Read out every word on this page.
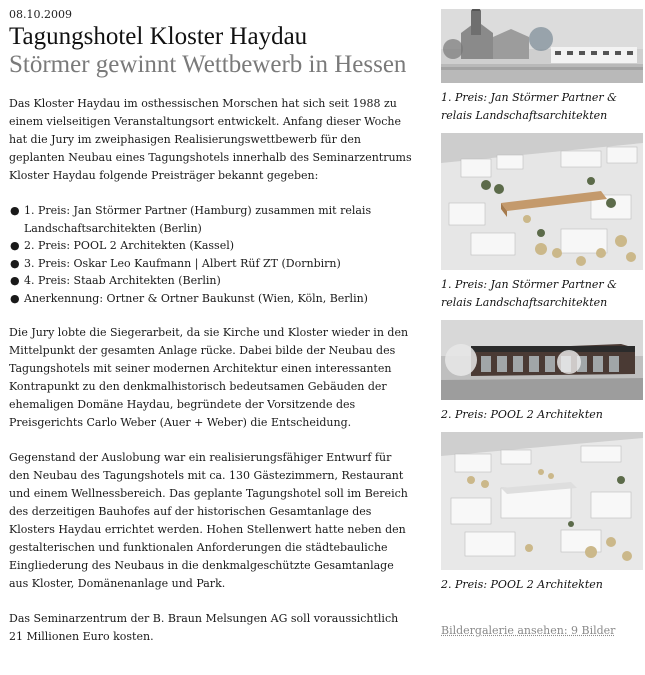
08.10.2009
Tagungshotel Kloster Haydau
Störmer gewinnt Wettbewerb in Hessen

Das Kloster Haydau im osthessischen Morschen hat sich seit 1988 zu einem vielseitigen Veranstaltungsort entwickelt. Anfang dieser Woche hat die Jury im zweiphasigen Realisierungswettbewerb für den geplanten Neubau eines Tagungshotels innerhalb des Seminarzentrums Kloster Haydau folgende Preisträger bekannt gegeben:

● 1. Preis: Jan Störmer Partner (Hamburg) zusammen mit relais Landschaftsarchitekten (Berlin)
● 2. Preis: POOL 2 Architekten (Kassel)
● 3. Preis: Oskar Leo Kaufmann | Albert Rüf ZT (Dornbirn)
● 4. Preis: Staab Architekten (Berlin)
● Anerkennung: Ortner & Ortner Baukunst (Wien, Köln, Berlin)

Die Jury lobte die Siegerarbeit, da sie Kirche und Kloster wieder in den Mittelpunkt der gesamten Anlage rücke. Dabei bilde der Neubau des Tagungshotels mit seiner modernen Architektur einen interessanten Kontrapunkt zu den denkmalhistorisch bedeutsamen Gebäuden der ehemaligen Domäne Haydau, begründete der Vorsitzende des Preisgerichts Carlo Weber (Auer + Weber) die Entscheidung.

Gegenstand der Auslobung war ein realisierungsfähiger Entwurf für den Neubau des Tagungshotels mit ca. 130 Gästezimmern, Restaurant und einem Wellnessbereich. Das geplante Tagungshotel soll im Bereich des derzeitigen Bauhofes auf der historischen Gesamtanlage des Klosters Haydau errichtet werden. Hohen Stellenwert hatte neben den gestalterischen und funktionalen Anforderungen die städtebauliche Eingliederung des Neubaus in die denkmalgeschützte Gesamtanlage aus Kloster, Domänenanlage und Park.

Das Seminarzentrum der B. Braun Melsungen AG soll voraussichtlich 21 Millionen Euro kosten.

1. Preis: Jan Störmer Partner & relais Landschaftsarchitekten
1. Preis: Jan Störmer Partner & relais Landschaftsarchitekten
2. Preis: POOL 2 Architekten
2. Preis: POOL 2 Architekten
Bildergalerie ansehen: 9 Bilder
